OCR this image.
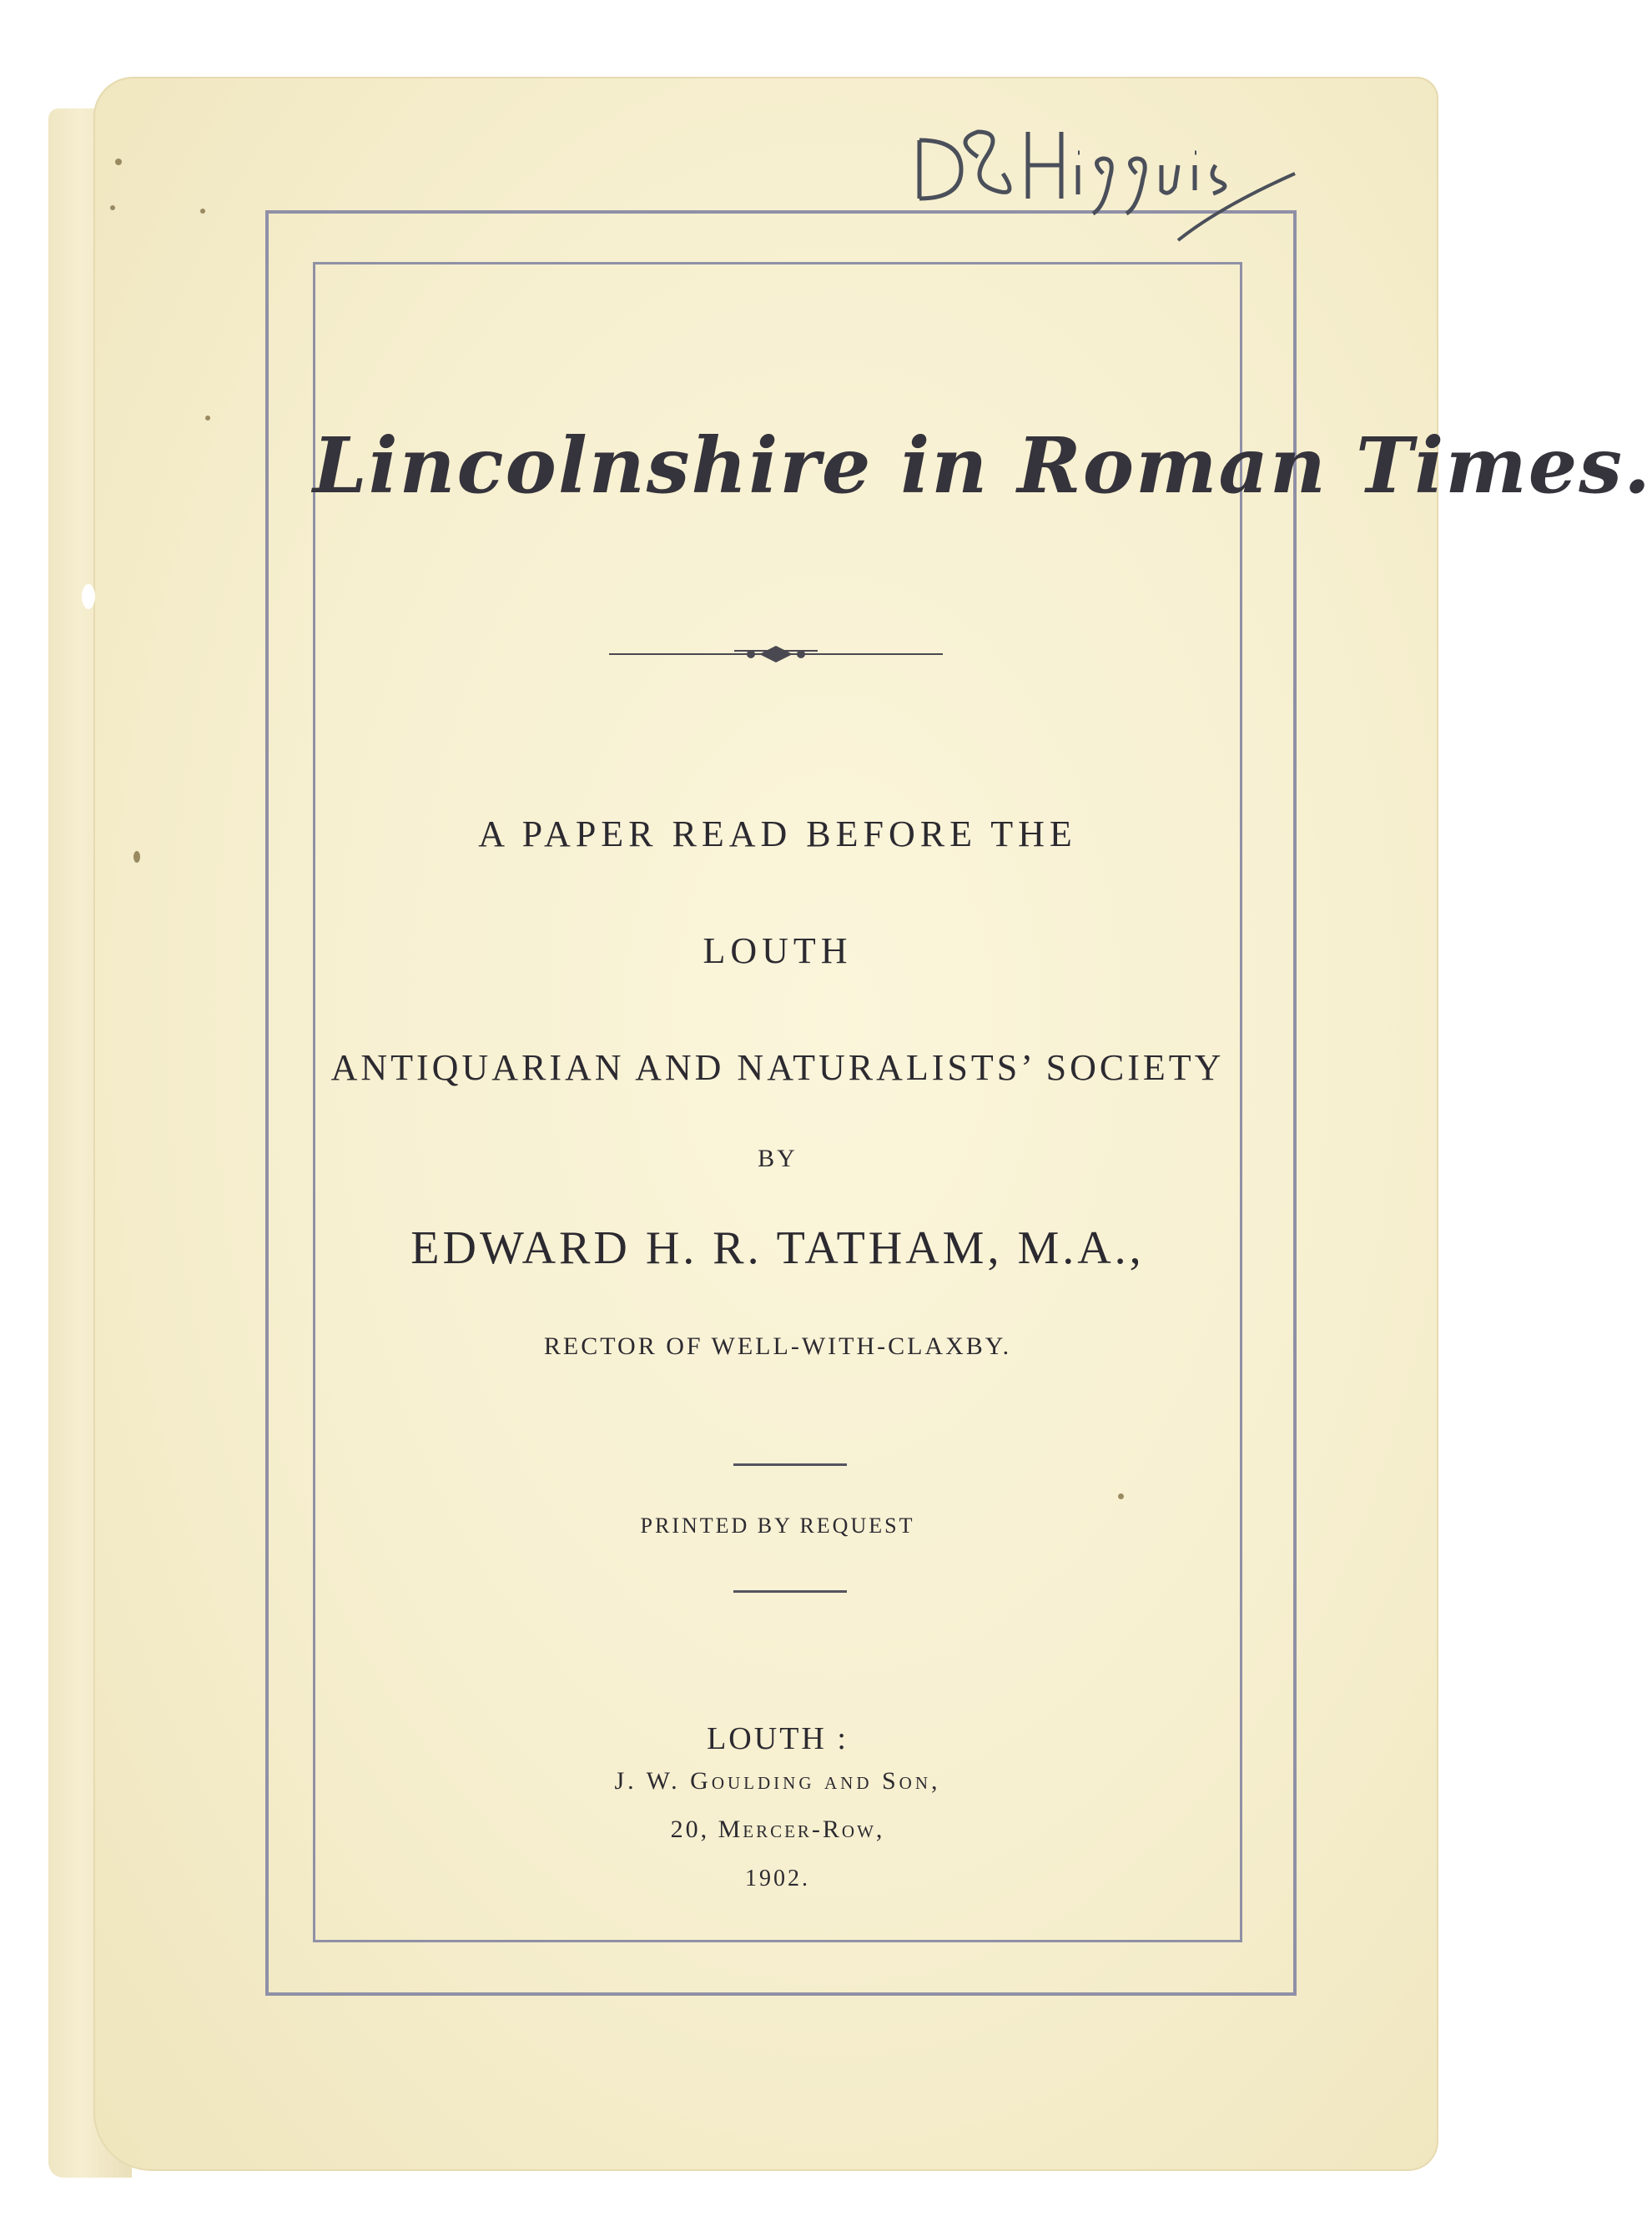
Lincolnshire in Roman Times.
A PAPER READ BEFORE THE
LOUTH
ANTIQUARIAN AND NATURALISTS’ SOCIETY
BY
EDWARD H. R. TATHAM, M.A.,
RECTOR OF WELL-WITH-CLAXBY.
PRINTED BY REQUEST
LOUTH :
J. W. Goulding and Son,
20, Mercer-Row,
1902.
